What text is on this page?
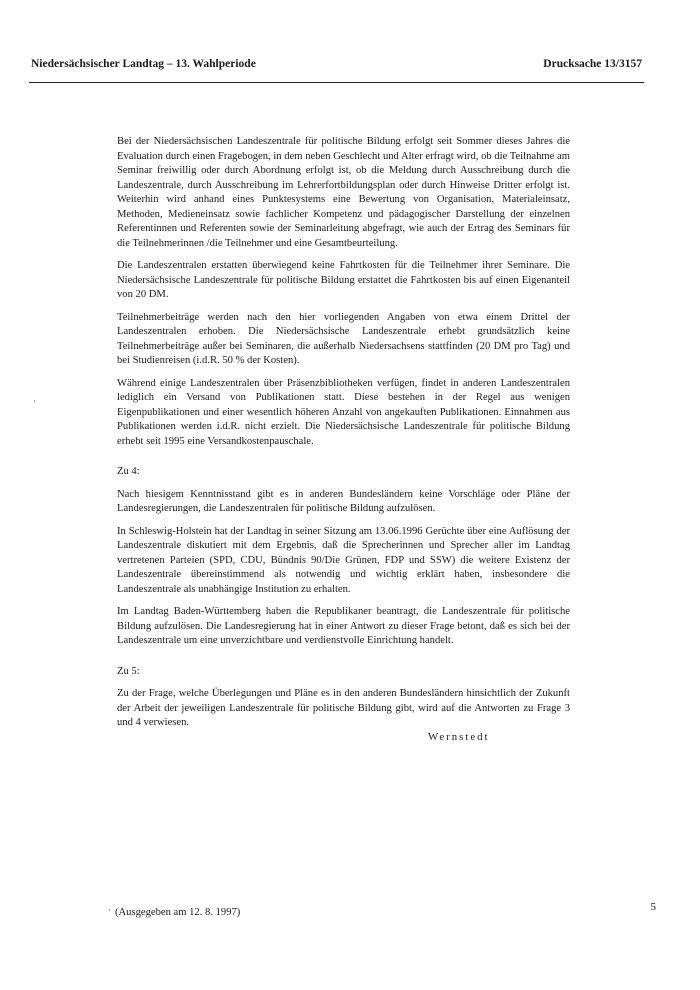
Niedersächsischer Landtag – 13. Wahlperiode	Drucksache 13/3157

Bei der Niedersächsischen Landeszentrale für politische Bildung erfolgt seit Sommer dieses Jahres die Evaluation durch einen Fragebogen, in dem neben Geschlecht und Alter erfragt wird, ob die Teilnahme am Seminar freiwillig oder durch Abordnung erfolgt ist, ob die Meldung durch Ausschreibung durch die Landeszentrale, durch Ausschreibung im Lehrerfortbildungsplan oder durch Hinweise Dritter erfolgt ist. Weiterhin wird anhand eines Punktesystems eine Bewertung von Organisation, Materialeinsatz, Methoden, Medieneinsatz sowie fachlicher Kompetenz und pädagogischer Darstellung der einzelnen Referentinnen und Referenten sowie der Seminarleitung abgefragt, wie auch der Ertrag des Seminars für die Teilnehmerinnen /die Teilnehmer und eine Gesamtbeurteilung.

Die Landeszentralen erstatten überwiegend keine Fahrtkosten für die Teilnehmer ihrer Seminare. Die Niedersächsische Landeszentrale für politische Bildung erstattet die Fahrtkosten bis auf einen Eigenanteil von 20 DM.

Teilnehmerbeiträge werden nach den hier vorliegenden Angaben von etwa einem Drittel der Landeszentralen erhoben. Die Niedersächsische Landeszentrale erhebt grundsätzlich keine Teilnehmerbeiträge außer bei Seminaren, die außerhalb Niedersachsens stattfinden (20 DM pro Tag) und bei Studienreisen (i.d.R. 50 % der Kosten).

Während einige Landeszentralen über Präsenzbibliotheken verfügen, findet in anderen Landeszentralen lediglich ein Versand von Publikationen statt. Diese bestehen in der Regel aus wenigen Eigenpublikationen und einer wesentlich höheren Anzahl von angekauften Publikationen. Einnahmen aus Publikationen werden i.d.R. nicht erzielt. Die Niedersächsische Landeszentrale für politische Bildung erhebt seit 1995 eine Versandkostenpauschale.

Zu 4:

Nach hiesigem Kenntnisstand gibt es in anderen Bundesländern keine Vorschläge oder Pläne der Landesregierungen, die Landeszentralen für politische Bildung aufzulösen.

In Schleswig-Holstein hat der Landtag in seiner Sitzung am 13.06.1996 Gerüchte über eine Auflösung der Landeszentrale diskutiert mit dem Ergebnis, daß die Sprecherinnen und Sprecher aller im Landtag vertretenen Parteien (SPD, CDU, Bündnis 90/Die Grünen, FDP und SSW) die weitere Existenz der Landeszentrale übereinstimmend als notwendig und wichtig erklärt haben, insbesondere die Landeszentrale als unabhängige Institution zu erhalten.

Im Landtag Baden-Württemberg haben die Republikaner beantragt, die Landeszentrale für politische Bildung aufzulösen. Die Landesregierung hat in einer Antwort zu dieser Frage betont, daß es sich bei der Landeszentrale um eine unverzichtbare und verdienstvolle Einrichtung handelt.

Zu 5:

Zu der Frage, welche Überlegungen und Pläne es in den anderen Bundesländern hinsichtlich der Zukunft der Arbeit der jeweiligen Landeszentrale für politische Bildung gibt, wird auf die Antworten zu Frage 3 und 4 verwiesen.

Wernstedt
(Ausgegeben am 12. 8. 1997)	5
·
·
